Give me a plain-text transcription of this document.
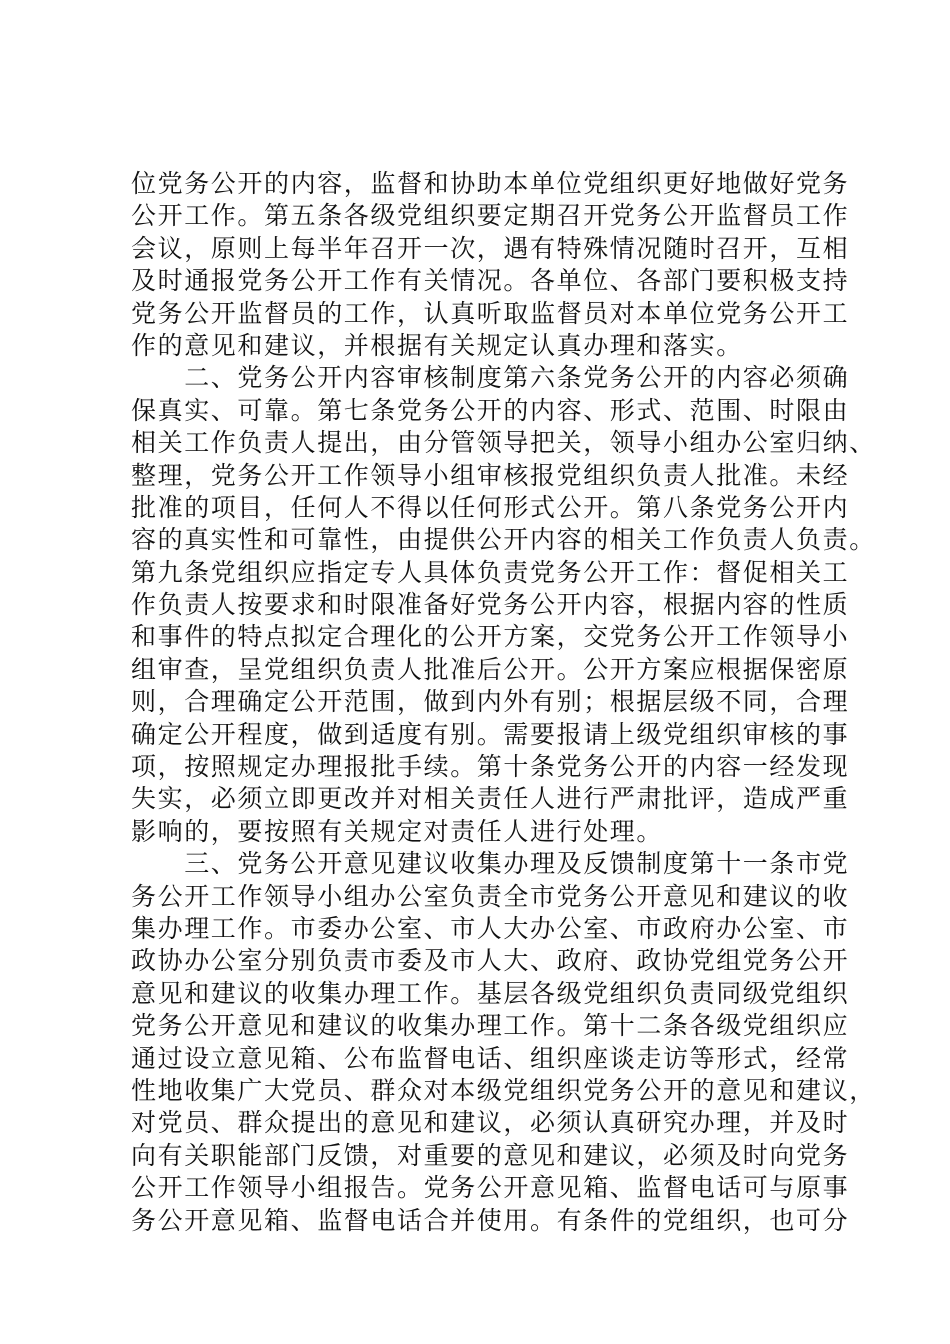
位党务公开的内容，监督和协助本单位党组织更好地做好党务
公开工作。第五条各级党组织要定期召开党务公开监督员工作
会议，原则上每半年召开一次，遇有特殊情况随时召开，互相
及时通报党务公开工作有关情况。各单位、各部门要积极支持
党务公开监督员的工作，认真听取监督员对本单位党务公开工
作的意见和建议，并根据有关规定认真办理和落实。
　　二、党务公开内容审核制度第六条党务公开的内容必须确
保真实、可靠。第七条党务公开的内容、形式、范围、时限由
相关工作负责人提出，由分管领导把关，领导小组办公室归纳、
整理，党务公开工作领导小组审核报党组织负责人批准。未经
批准的项目，任何人不得以任何形式公开。第八条党务公开内
容的真实性和可靠性，由提供公开内容的相关工作负责人负责。
第九条党组织应指定专人具体负责党务公开工作：督促相关工
作负责人按要求和时限准备好党务公开内容，根据内容的性质
和事件的特点拟定合理化的公开方案，交党务公开工作领导小
组审查，呈党组织负责人批准后公开。公开方案应根据保密原
则，合理确定公开范围，做到内外有别；根据层级不同，合理
确定公开程度，做到适度有别。需要报请上级党组织审核的事
项，按照规定办理报批手续。第十条党务公开的内容一经发现
失实，必须立即更改并对相关责任人进行严肃批评，造成严重
影响的，要按照有关规定对责任人进行处理。
　　三、党务公开意见建议收集办理及反馈制度第十一条市党
务公开工作领导小组办公室负责全市党务公开意见和建议的收
集办理工作。市委办公室、市人大办公室、市政府办公室、市
政协办公室分别负责市委及市人大、政府、政协党组党务公开
意见和建议的收集办理工作。基层各级党组织负责同级党组织
党务公开意见和建议的收集办理工作。第十二条各级党组织应
通过设立意见箱、公布监督电话、组织座谈走访等形式，经常
性地收集广大党员、群众对本级党组织党务公开的意见和建议，
对党员、群众提出的意见和建议，必须认真研究办理，并及时
向有关职能部门反馈，对重要的意见和建议，必须及时向党务
公开工作领导小组报告。党务公开意见箱、监督电话可与原事
务公开意见箱、监督电话合并使用。有条件的党组织，也可分
